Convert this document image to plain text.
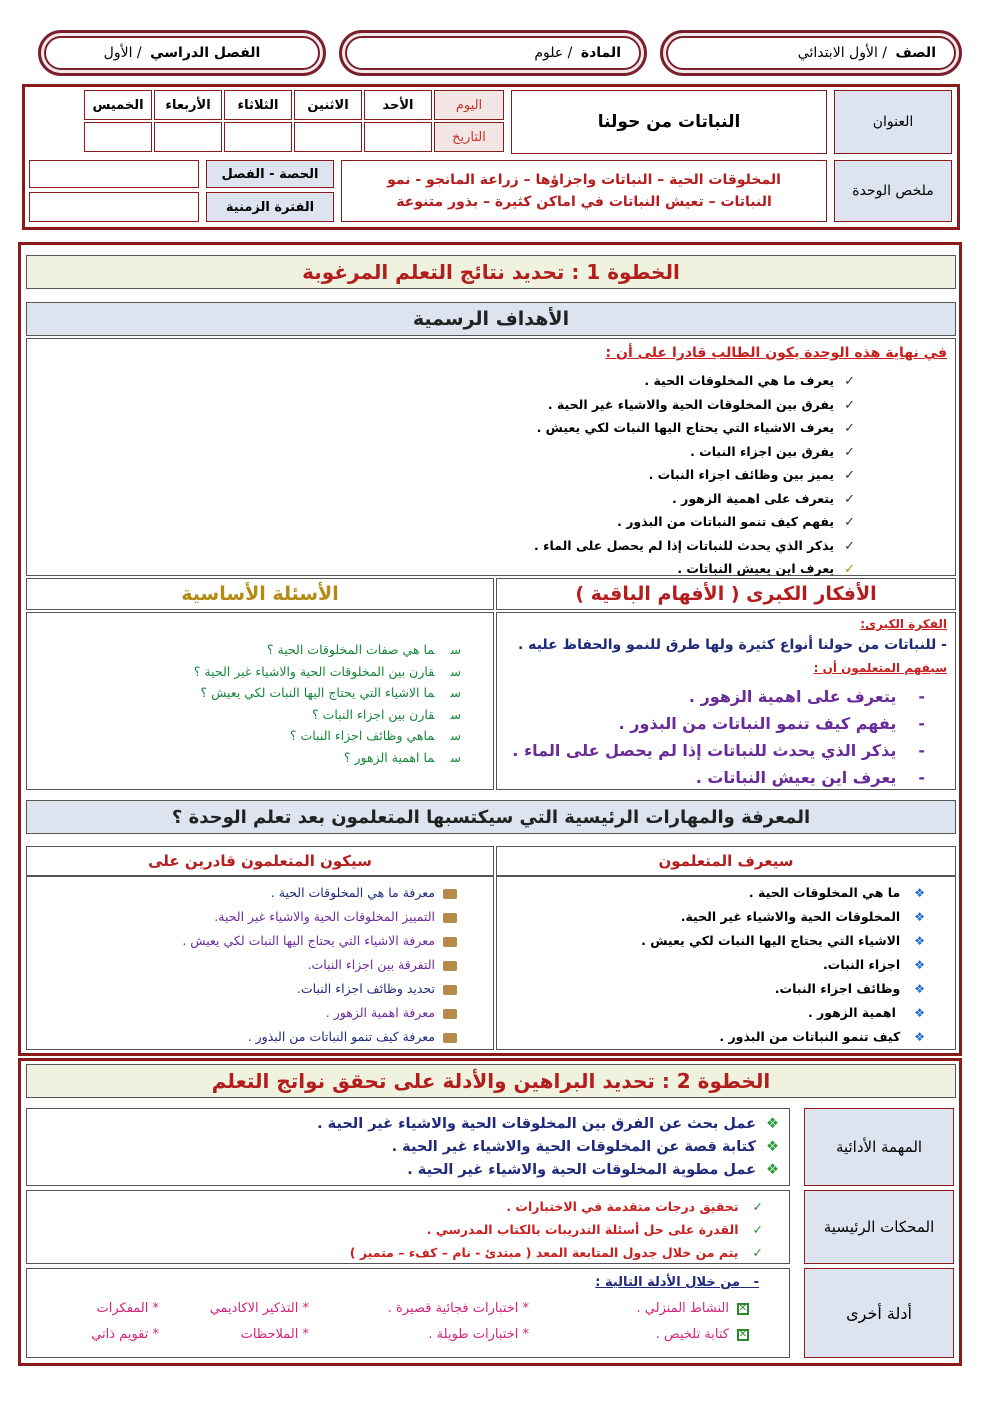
الصف
/
الأول الابتدائي
المادة
/
علوم
الفصل الدراسي
/
الأول
العنوان
النباتات من حولنا
اليوم
التاريخ
الأحد
الاثنين
الثلاثاء
الأربعاء
الخميس
ملخص الوحدة
المخلوقات الحية – النباتات واجزاؤها – زراعة المانجو - نمو
النباتات – تعيش النباتات في اماكن كثيرة – بذور متنوعة
الحصة - الفصل
الفترة الزمنية
الخطوة 1 : تحديد نتائج التعلم المرغوبة
الأهداف الرسمية
في نهاية هذه الوحدة يكون الطالب قادرا على أن :
✓يعرف ما هي المخلوقات الحية .
✓يفرق بين المخلوقات الحية والاشياء غير الحية .
✓يعرف الاشياء التي يحتاج اليها النبات لكي يعيش .
✓يفرق بين اجزاء النبات .
✓يميز بين وظائف اجزاء النبات .
✓يتعرف على اهمية الزهور .
✓يفهم كيف تنمو النباتات من البذور .
✓يذكر الذي يحدث للنباتات إذا لم يحصل على الماء .
✓يعرف اين يعيش النباتات .
الأفكار الكبرى ( الأفهام الباقية )
الأسئلة الأساسية
الفكرة الكبرى:
- للنباتات من حولنا أنواع كثيرة ولها طرق للنمو والحفاظ عليه .
سيفهم المتعلمون أن :
-يتعرف على اهمية الزهور .
-يفهم كيف تنمو النباتات من البذور .
-يذكر الذي يحدث للنباتات إذا لم يحصل على الماء .
-يعرف اين يعيش النباتات .
سما هي صفات المخلوقات الحية ؟
سقارن بين المخلوقات الحية والاشياء غير الحية ؟
سما الاشياء التي يحتاج اليها النبات لكي يعيش ؟
سقارن بين اجزاء النبات ؟
سماهي وظائف اجزاء النبات ؟
سما اهمية الزهور ؟
المعرفة والمهارات الرئيسية التي سيكتسبها المتعلمون بعد تعلم الوحدة ؟
سيعرف المتعلمون
سيكون المتعلمون قادرين على
❖ما هي المخلوقات الحية .
❖المخلوقات الحية والاشياء غير الحية.
❖الاشياء التي يحتاج اليها النبات لكي يعيش .
❖اجزاء النبات.
❖وظائف اجزاء النبات.
❖ اهمية الزهور .
❖كيف تنمو النباتات من البذور .
معرفة ما هي المخلوقات الحية .
التمييز المخلوقات الحية والاشياء غير الحية.
معرفة الاشياء التي يحتاج اليها النبات لكي يعيش .
التفرقة بين اجزاء النبات.
تحديد وظائف اجزاء النبات.
معرفة اهمية الزهور .
معرفة كيف تنمو النباتات من البذور .
الخطوة 2 : تحديد البراهين والأدلة على تحقق نواتج التعلم
المهمة الأدائية
❖عمل بحث عن الفرق بين المخلوقات الحية والاشياء غير الحية .
❖كتابة قصة عن المخلوقات الحية والاشياء غير الحية .
❖عمل مطوية المخلوقات الحية والاشياء غير الحية .
المحكات الرئيسية
✓تحقيق درجات متقدمة في الاختبارات .
✓القدرة على حل أسئلة التدريبات بالكتاب المدرسي .
✓يتم من خلال جدول المتابعة المعد ( مبتدئ - نام – كفء – متميز )
أدلة أخرى
-   من خلال الأدلة التالية :
✕النشاط المنزلي .
✕كتابة تلخيص .
* اختبارات فجائية قصيرة .
* اختبارات طويلة .
* التذكير الاكاديمي
* الملاحظات
* المفكرات
* تقويم ذاتي
